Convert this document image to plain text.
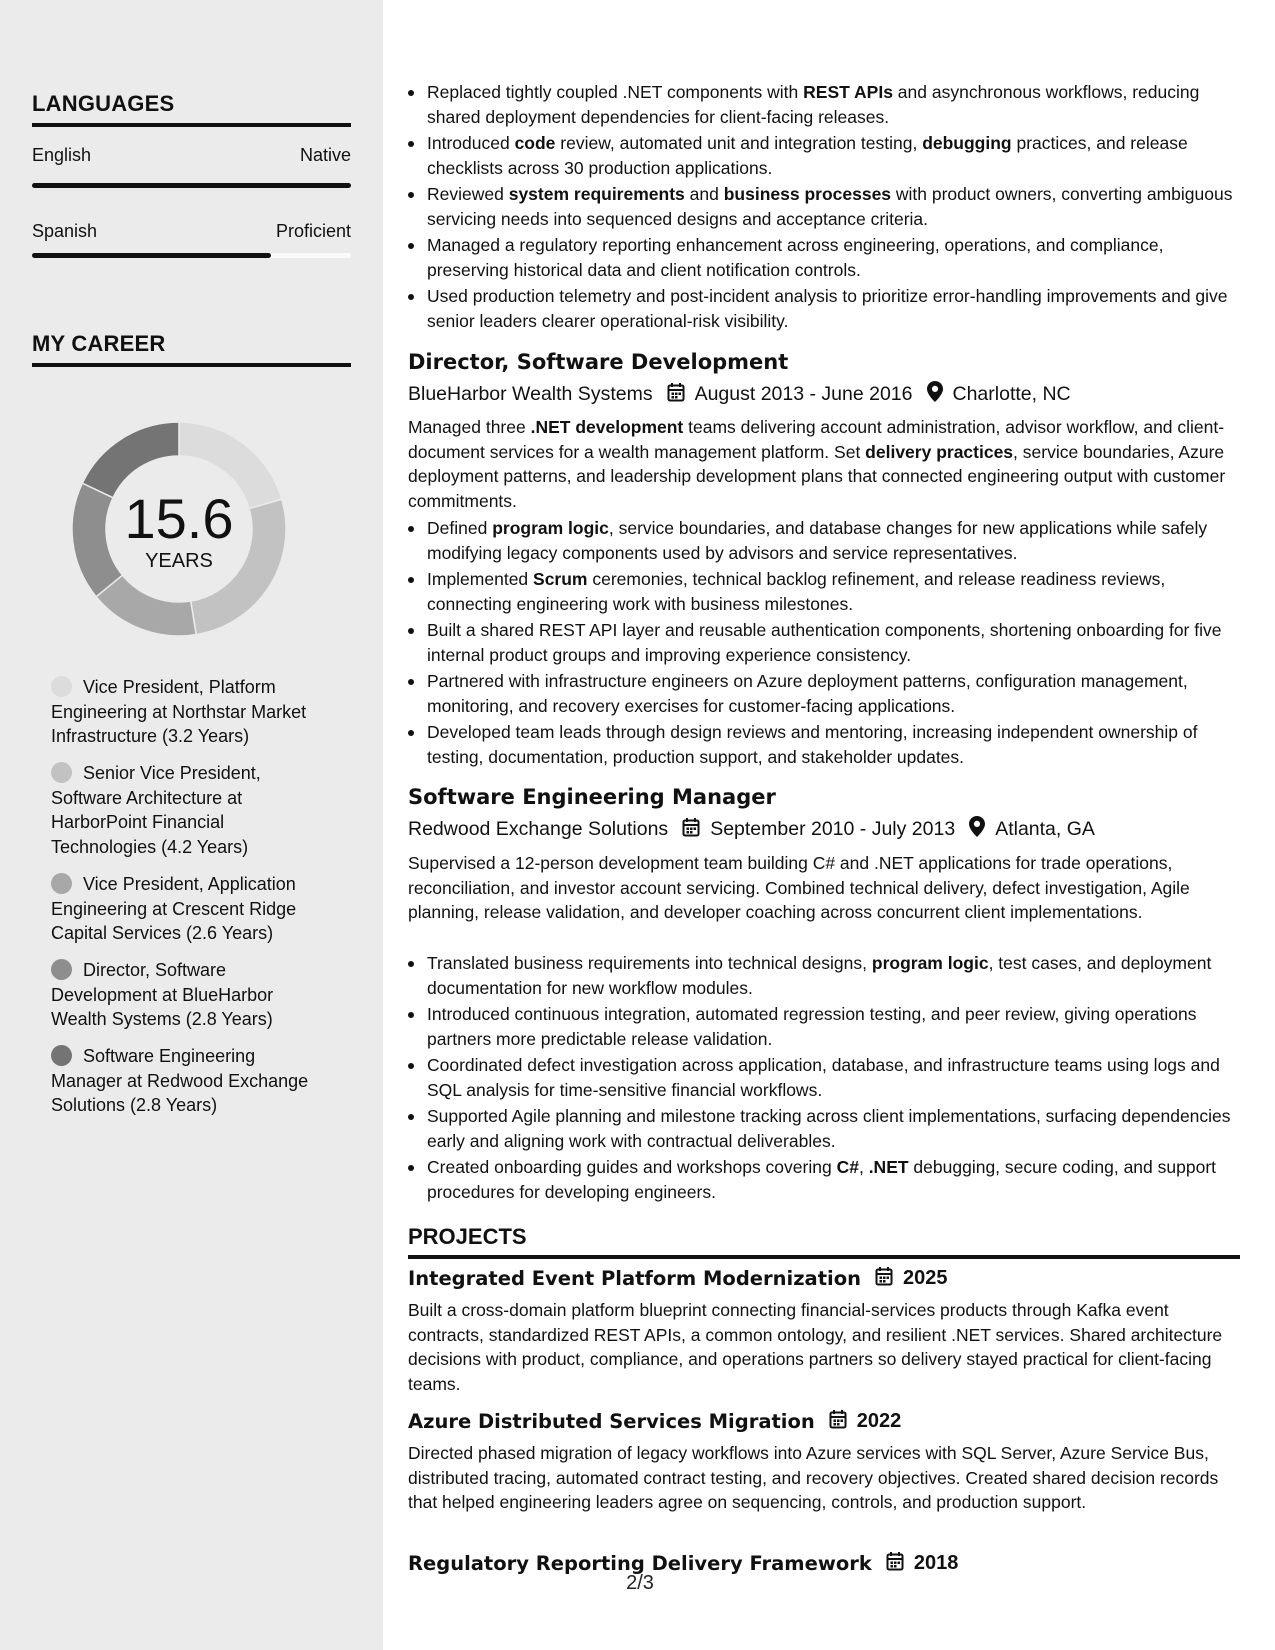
LANGUAGES
English	Native
Spanish	Proficient
MY CAREER
15.6
YEARS
Vice President, Platform Engineering at Northstar Market Infrastructure (3.2 Years)
Senior Vice President, Software Architecture at HarborPoint Financial Technologies (4.2 Years)
Vice President, Application Engineering at Crescent Ridge Capital Services (2.6 Years)
Director, Software Development at BlueHarbor Wealth Systems (2.8 Years)
Software Engineering Manager at Redwood Exchange Solutions (2.8 Years)
Replaced tightly coupled .NET components with REST APIs and asynchronous workflows, reducing shared deployment dependencies for client-facing releases.
Introduced code review, automated unit and integration testing, debugging practices, and release checklists across 30 production applications.
Reviewed system requirements and business processes with product owners, converting ambiguous servicing needs into sequenced designs and acceptance criteria.
Managed a regulatory reporting enhancement across engineering, operations, and compliance, preserving historical data and client notification controls.
Used production telemetry and post-incident analysis to prioritize error-handling improvements and give senior leaders clearer operational-risk visibility.
Director, Software Development
BlueHarbor Wealth Systems August 2013 - June 2016 Charlotte, NC
Managed three .NET development teams delivering account administration, advisor workflow, and client-document services for a wealth management platform. Set delivery practices, service boundaries, Azure deployment patterns, and leadership development plans that connected engineering output with customer commitments.
Defined program logic, service boundaries, and database changes for new applications while safely modifying legacy components used by advisors and service representatives.
Implemented Scrum ceremonies, technical backlog refinement, and release readiness reviews, connecting engineering work with business milestones.
Built a shared REST API layer and reusable authentication components, shortening onboarding for five internal product groups and improving experience consistency.
Partnered with infrastructure engineers on Azure deployment patterns, configuration management, monitoring, and recovery exercises for customer-facing applications.
Developed team leads through design reviews and mentoring, increasing independent ownership of testing, documentation, production support, and stakeholder updates.
Software Engineering Manager
Redwood Exchange Solutions September 2010 - July 2013 Atlanta, GA
Supervised a 12-person development team building C# and .NET applications for trade operations, reconciliation, and investor account servicing. Combined technical delivery, defect investigation, Agile planning, release validation, and developer coaching across concurrent client implementations.
Translated business requirements into technical designs, program logic, test cases, and deployment documentation for new workflow modules.
Introduced continuous integration, automated regression testing, and peer review, giving operations partners more predictable release validation.
Coordinated defect investigation across application, database, and infrastructure teams using logs and SQL analysis for time-sensitive financial workflows.
Supported Agile planning and milestone tracking across client implementations, surfacing dependencies early and aligning work with contractual deliverables.
Created onboarding guides and workshops covering C#, .NET debugging, secure coding, and support procedures for developing engineers.
PROJECTS
Integrated Event Platform Modernization 2025
Built a cross-domain platform blueprint connecting financial-services products through Kafka event contracts, standardized REST APIs, a common ontology, and resilient .NET services. Shared architecture decisions with product, compliance, and operations partners so delivery stayed practical for client-facing teams.
Azure Distributed Services Migration 2022
Directed phased migration of legacy workflows into Azure services with SQL Server, Azure Service Bus, distributed tracing, automated contract testing, and recovery objectives. Created shared decision records that helped engineering leaders agree on sequencing, controls, and production support.
Regulatory Reporting Delivery Framework 2018
2/3
